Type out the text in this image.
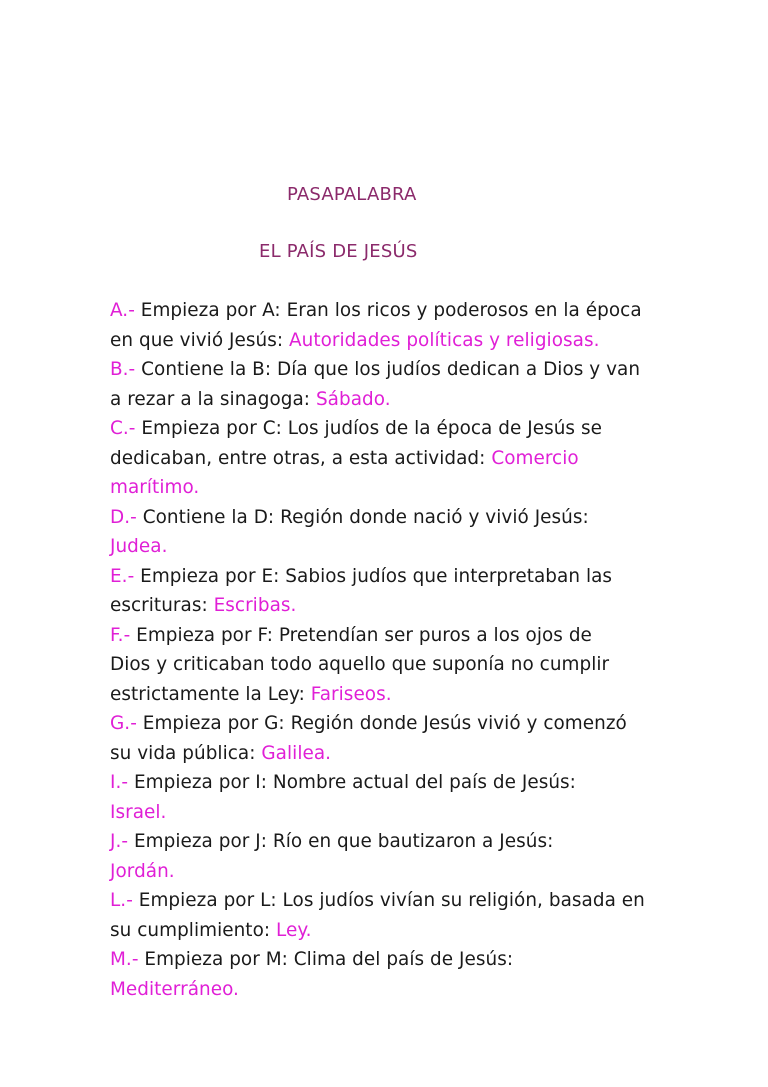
PASAPALABRA
EL PAÍS DE JESÚS
A.- Empieza por A: Eran los ricos y poderosos en la época
en que vivió Jesús: Autoridades políticas y religiosas.
B.- Contiene la B: Día que los judíos dedican a Dios y van
a rezar a la sinagoga: Sábado.
C.- Empieza por C: Los judíos de la época de Jesús se
dedicaban, entre otras, a esta actividad: Comercio
marítimo.
D.- Contiene la D: Región donde nació y vivió Jesús:
Judea.
E.- Empieza por E: Sabios judíos que interpretaban las
escrituras: Escribas.
F.- Empieza por F: Pretendían ser puros a los ojos de
Dios y criticaban todo aquello que suponía no cumplir
estrictamente la Ley: Fariseos.
G.- Empieza por G: Región donde Jesús vivió y comenzó
su vida pública: Galilea.
I.- Empieza por I: Nombre actual del país de Jesús:
Israel.
J.- Empieza por J: Río en que bautizaron a Jesús:
Jordán.
L.- Empieza por L: Los judíos vivían su religión, basada en
su cumplimiento: Ley.
M.- Empieza por M: Clima del país de Jesús:
Mediterráneo.
